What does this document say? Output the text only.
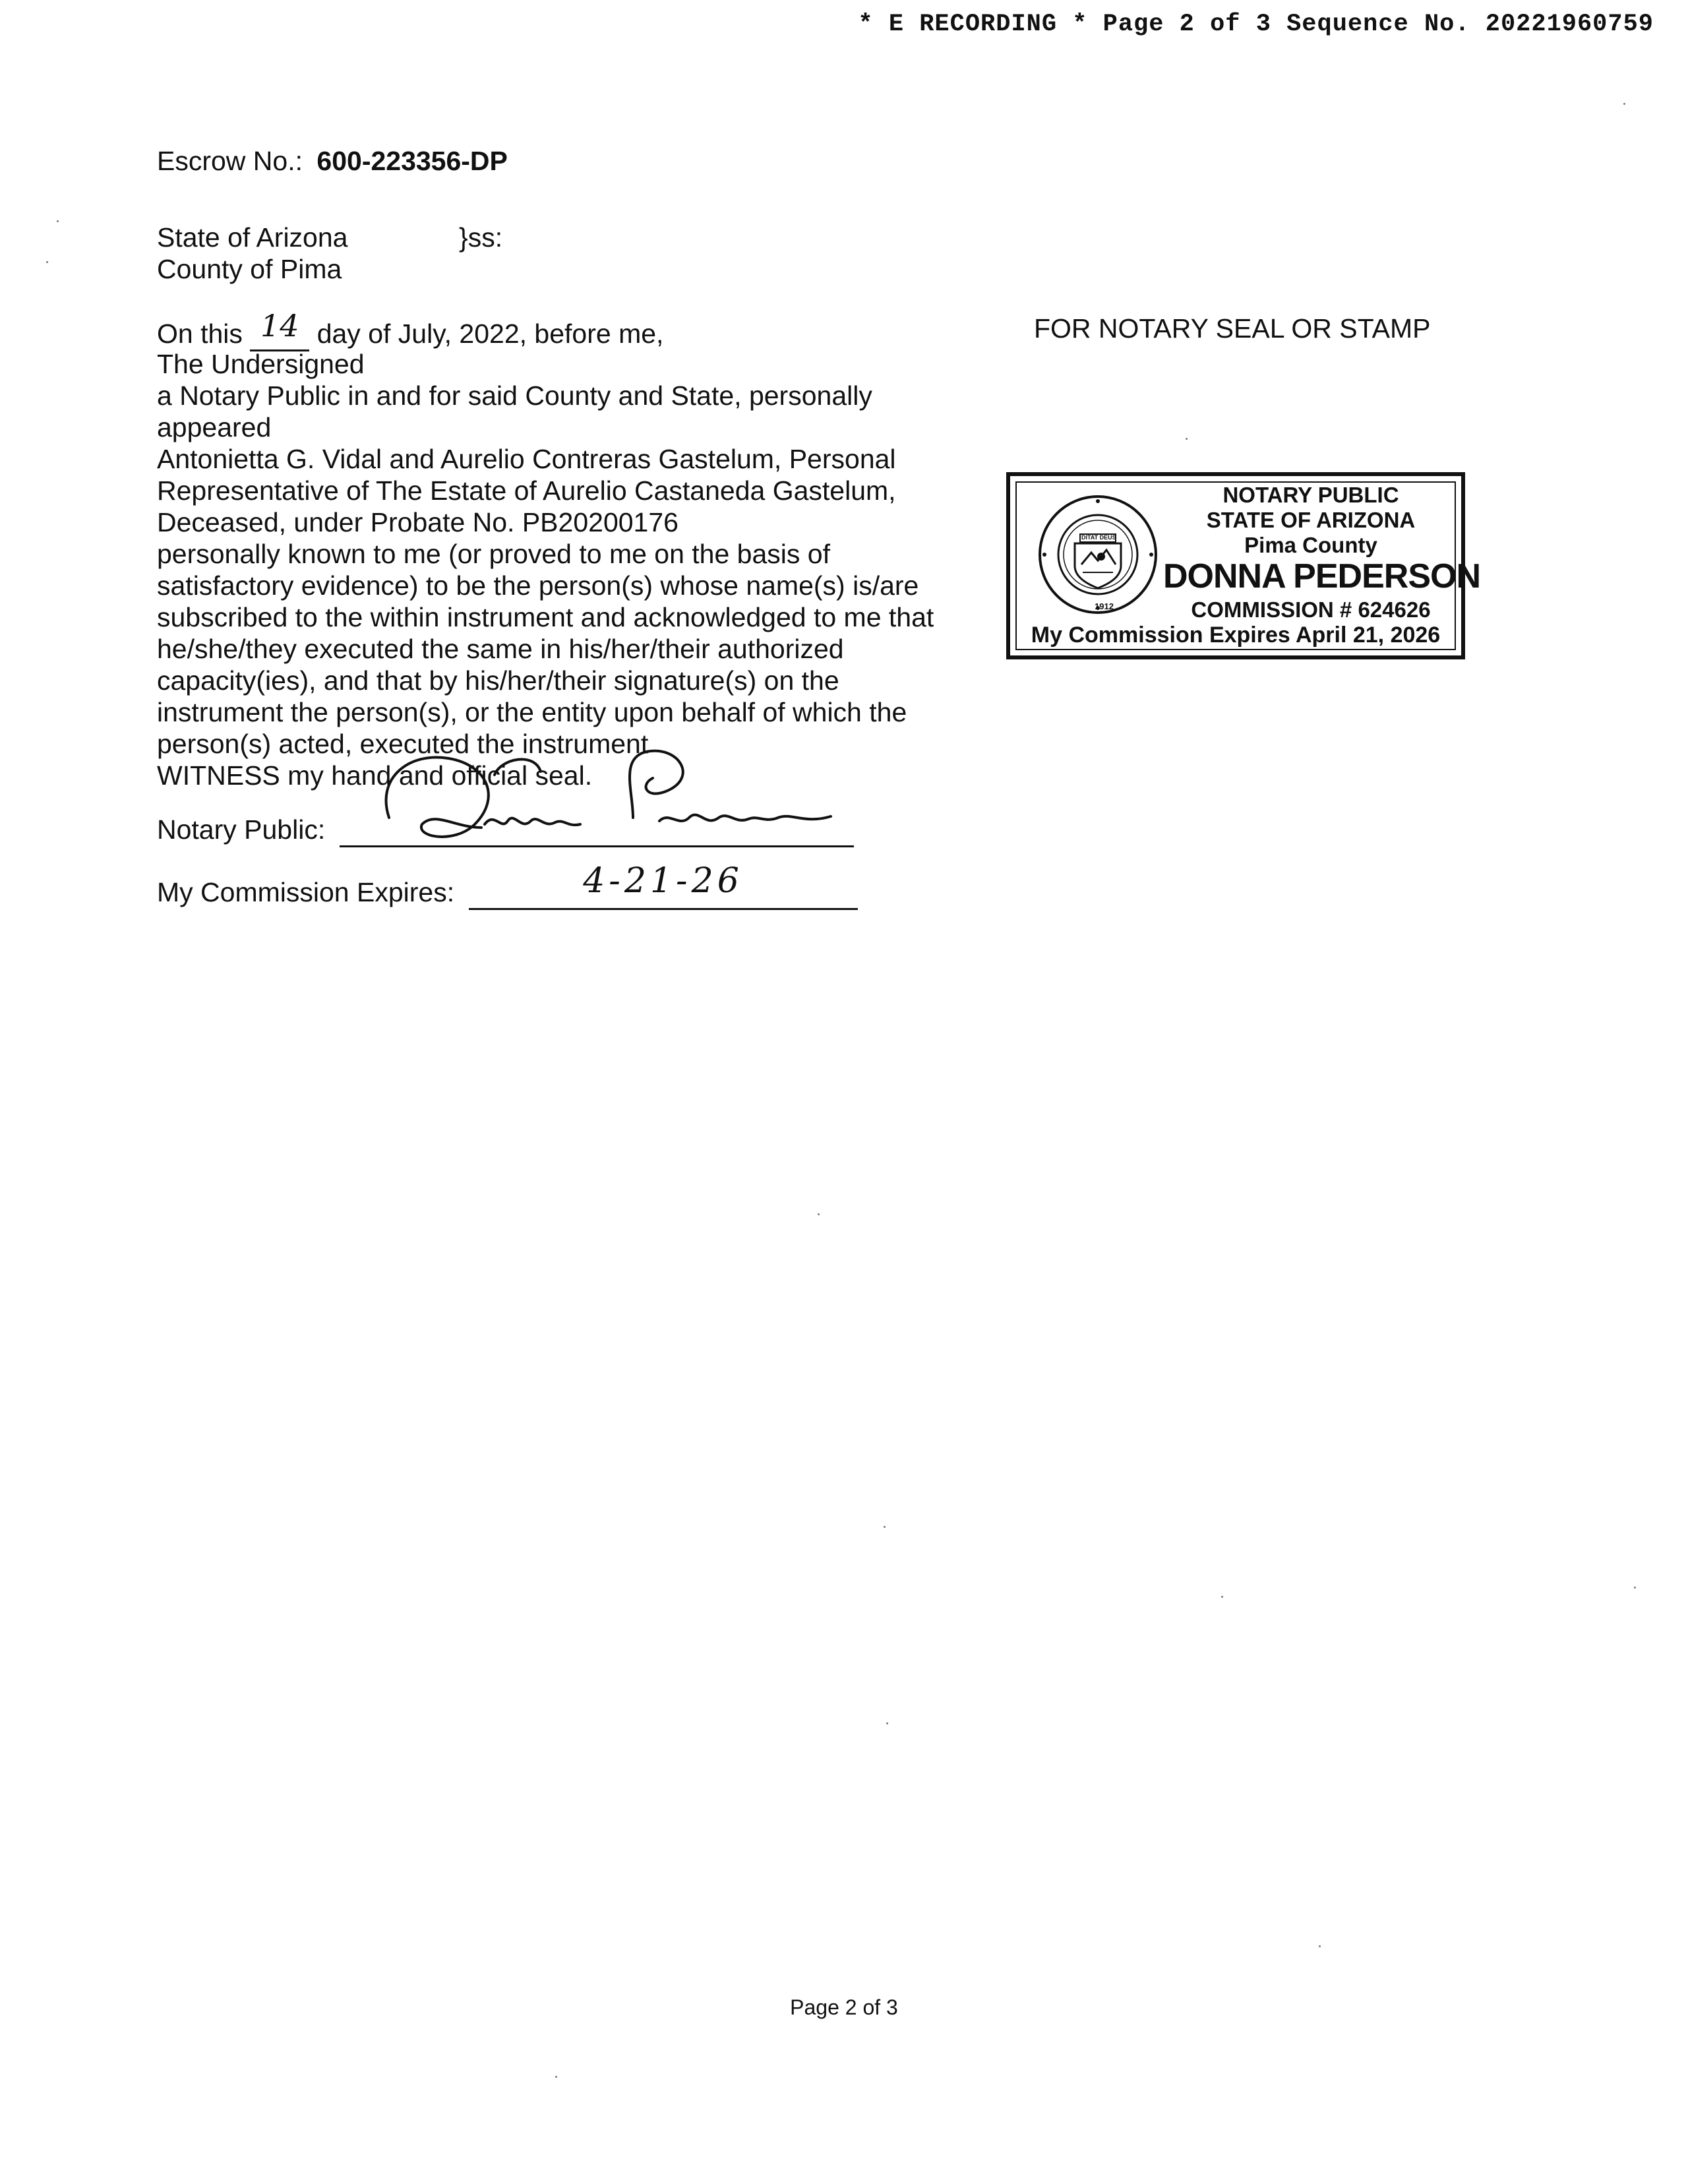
* E RECORDING * Page 2 of 3 Sequence No. 20221960759
Escrow No.: 600-223356-DP
State of Arizona	}ss:
County of Pima
On this 14 day of July, 2022, before me,
The Undersigned
a Notary Public in and for said County and State, personally
appeared
Antonietta G. Vidal and Aurelio Contreras Gastelum, Personal
Representative of The Estate of Aurelio Castaneda Gastelum,
Deceased, under Probate No. PB20200176
personally known to me (or proved to me on the basis of
satisfactory evidence) to be the person(s) whose name(s) is/are
subscribed to the within instrument and acknowledged to me that
he/she/they executed the same in his/her/their authorized
capacity(ies), and that by his/her/their signature(s) on the
instrument the person(s), or the entity upon behalf of which the
person(s) acted, executed the instrument
WITNESS my hand and official seal.
Notary Public:
My Commission Expires:	4-21-26
FOR NOTARY SEAL OR STAMP
1912
DITAT DEUS
NOTARY PUBLIC
STATE OF ARIZONA
Pima County
DONNA PEDERSON
COMMISSION # 624626
My Commission Expires April 21, 2026
Page 2 of 3
